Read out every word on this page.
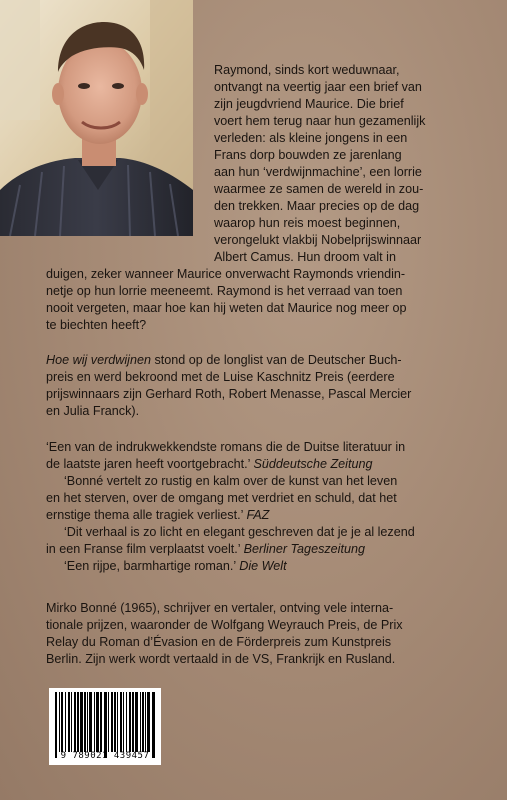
Raymond, sinds kort weduwnaar,
ontvangt na veertig jaar een brief van
zijn jeugdvriend Maurice. Die brief
voert hem terug naar hun gezamenlijk
verleden: als kleine jongens in een
Frans dorp bouwden ze jarenlang
aan hun ‘verdwijnmachine’, een lorrie
waarmee ze samen de wereld in zou-
den trekken. Maar precies op de dag
waarop hun reis moest beginnen,
verongelukt vlakbij Nobelprijswinnaar
Albert Camus. Hun droom valt in
duigen, zeker wanneer Maurice onverwacht Raymonds vriendin-
netje op hun lorrie meeneemt. Raymond is het verraad van toen
nooit vergeten, maar hoe kan hij weten dat Maurice nog meer op
te biechten heeft?
Hoe wij verdwijnen stond op de longlist van de Deutscher Buch-
preis en werd bekroond met de Luise Kaschnitz Preis (eerdere
prijswinnaars zijn Gerhard Roth, Robert Menasse, Pascal Mercier
en Julia Franck).
‘Een van de indrukwekkendste romans die de Duitse literatuur in
de laatste jaren heeft voortgebracht.’ Süddeutsche Zeitung
‘Bonné vertelt zo rustig en kalm over de kunst van het leven
en het sterven, over de omgang met verdriet en schuld, dat het
ernstige thema alle tragiek verliest.’ FAZ
‘Dit verhaal is zo licht en elegant geschreven dat je je al lezend
in een Franse film verplaatst voelt.’ Berliner Tageszeitung
‘Een rijpe, barmhartige roman.’ Die Welt
Mirko Bonné (1965), schrijver en vertaler, ontving vele interna-
tionale prijzen, waaronder de Wolfgang Weyrauch Preis, de Prix
Relay du Roman d’Évasion en de Förderpreis zum Kunstpreis
Berlin. Zijn werk wordt vertaald in de VS, Frankrijk en Rusland.
9 789021 439457
